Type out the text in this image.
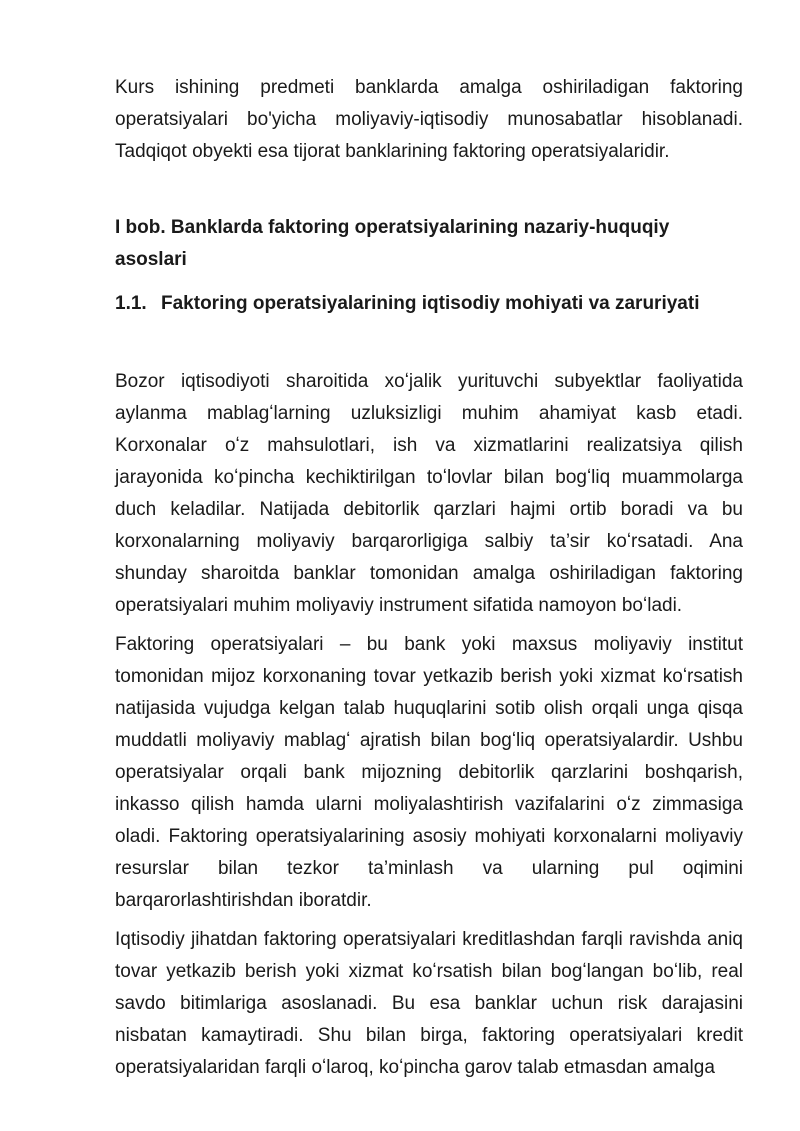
Kurs ishining predmeti banklarda amalga oshiriladigan faktoring operatsiyalari bo'yicha moliyaviy-iqtisodiy munosabatlar hisoblanadi. Tadqiqot obyekti esa tijorat banklarining faktoring operatsiyalaridir.

I bob. Banklarda faktoring operatsiyalarining nazariy-huquqiy asoslari

1.1. Faktoring operatsiyalarining iqtisodiy mohiyati va zaruriyati

Bozor iqtisodiyoti sharoitida xoʻjalik yurituvchi subyektlar faoliyatida aylanma mablagʻlarning uzluksizligi muhim ahamiyat kasb etadi. Korxonalar oʻz mahsulotlari, ish va xizmatlarini realizatsiya qilish jarayonida koʻpincha kechiktirilgan toʻlovlar bilan bogʻliq muammolarga duch keladilar. Natijada debitorlik qarzlari hajmi ortib boradi va bu korxonalarning moliyaviy barqarorligiga salbiy ta’sir koʻrsatadi. Ana shunday sharoitda banklar tomonidan amalga oshiriladigan faktoring operatsiyalari muhim moliyaviy instrument sifatida namoyon boʻladi.

Faktoring operatsiyalari – bu bank yoki maxsus moliyaviy institut tomonidan mijoz korxonaning tovar yetkazib berish yoki xizmat koʻrsatish natijasida vujudga kelgan talab huquqlarini sotib olish orqali unga qisqa muddatli moliyaviy mablagʻ ajratish bilan bogʻliq operatsiyalardir. Ushbu operatsiyalar orqali bank mijozning debitorlik qarzlarini boshqarish, inkasso qilish hamda ularni moliyalashtirish vazifalarini oʻz zimmasiga oladi. Faktoring operatsiyalarining asosiy mohiyati korxonalarni moliyaviy resurslar bilan tezkor ta’minlash va ularning pul oqimini barqarorlashtirishdan iboratdir.

Iqtisodiy jihatdan faktoring operatsiyalari kreditlashdan farqli ravishda aniq tovar yetkazib berish yoki xizmat koʻrsatish bilan bogʻlangan boʻlib, real savdo bitimlariga asoslanadi. Bu esa banklar uchun risk darajasini nisbatan kamaytiradi. Shu bilan birga, faktoring operatsiyalari kredit operatsiyalaridan farqli oʻlaroq, koʻpincha garov talab etmasdan amalga
